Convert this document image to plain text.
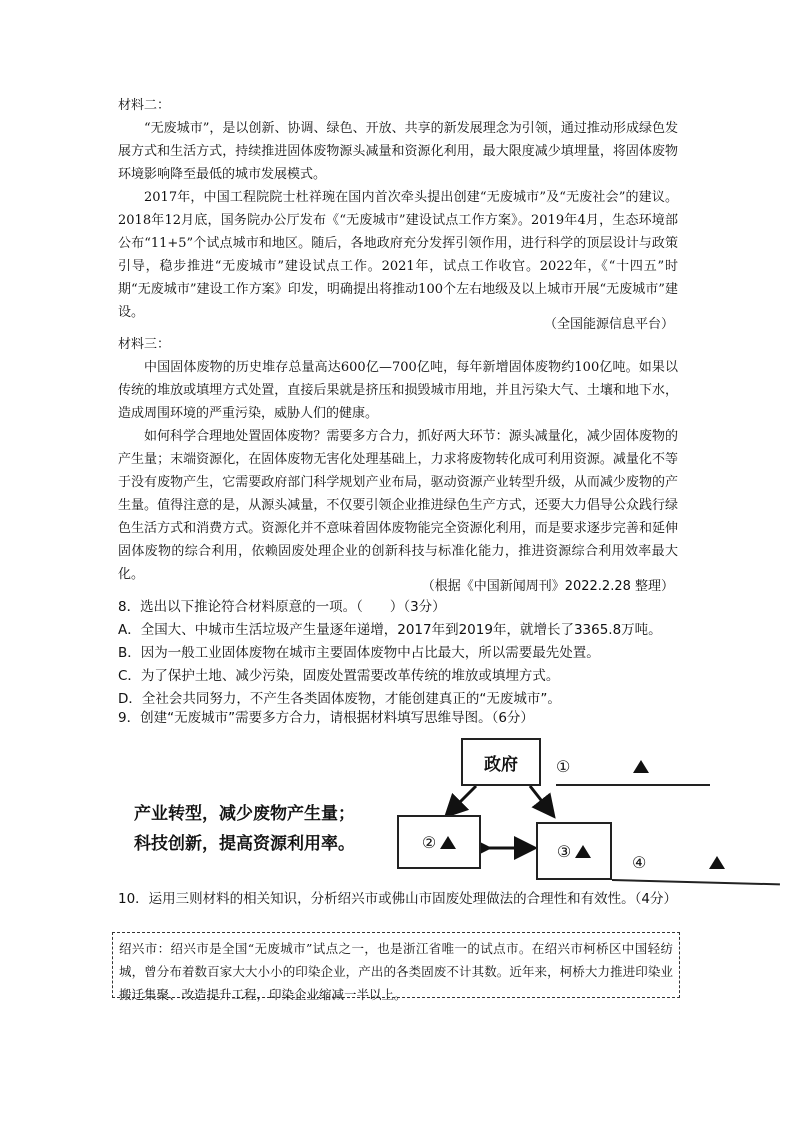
材料二：

“无废城市”，是以创新、协调、绿色、开放、共享的新发展理念为引领，通过推动形成绿色发展方式和生活方式，持续推进固体废物源头减量和资源化利用，最大限度减少填埋量，将固体废物环境影响降至最低的城市发展模式。

2017年，中国工程院院士杜祥琬在国内首次牵头提出创建“无废城市”及“无废社会”的建议。2018年12月底，国务院办公厅发布《“无废城市”建设试点工作方案》。2019年4月，生态环境部公布“11+5”个试点城市和地区。随后，各地政府充分发挥引领作用，进行科学的顶层设计与政策引导，稳步推进“无废城市”建设试点工作。2021年，试点工作收官。2022年，《“十四五”时期“无废城市”建设工作方案》印发，明确提出将推动100个左右地级及以上城市开展“无废城市”建设。

（全国能源信息平台）
材料三：

中国固体废物的历史堆存总量高达600亿—700亿吨，每年新增固体废物约100亿吨。如果以传统的堆放或填埋方式处置，直接后果就是挤压和损毁城市用地，并且污染大气、土壤和地下水，造成周围环境的严重污染，威胁人们的健康。

如何科学合理地处置固体废物？需要多方合力，抓好两大环节：源头减量化，减少固体废物的产生量；末端资源化，在固体废物无害化处理基础上，力求将废物转化成可利用资源。减量化不等于没有废物产生，它需要政府部门科学规划产业布局，驱动资源产业转型升级，从而减少废物的产生量。值得注意的是，从源头减量，不仅要引领企业推进绿色生产方式，还要大力倡导公众践行绿色生活方式和消费方式。资源化并不意味着固体废物能完全资源化利用，而是要求逐步完善和延伸固体废物的综合利用，依赖固废处理企业的创新科技与标准化能力，推进资源综合利用效率最大化。

（根据《中国新闻周刊》2022.2.28 整理）

8．选出以下推论符合材料原意的一项。（　　）（3分）

A．全国大、中城市生活垃圾产生量逐年递增，2017年到2019年，就增长了3365.8万吨。

B．因为一般工业固体废物在城市主要固体废物中占比最大，所以需要最先处置。

C．为了保护土地、减少污染，固废处置需要改革传统的堆放或填埋方式。

D．全社会共同努力，不产生各类固体废物，才能创建真正的“无废城市”。

9．创建“无废城市”需要多方合力，请根据材料填写思维导图。（6分）
政府 ①
②	③
④
产业转型，减少废物产生量；
科技创新，提高资源利用率。
10．运用三则材料的相关知识，分析绍兴市或佛山市固废处理做法的合理性和有效性。（4分）

绍兴市：绍兴市是全国“无废城市”试点之一，也是浙江省唯一的试点市。在绍兴市柯桥区中国轻纺城，曾分布着数百家大大小小的印染企业，产出的各类固废不计其数。近年来，柯桥大力推进印染业搬迁集聚、改造提升工程，印染企业缩减一半以上。
